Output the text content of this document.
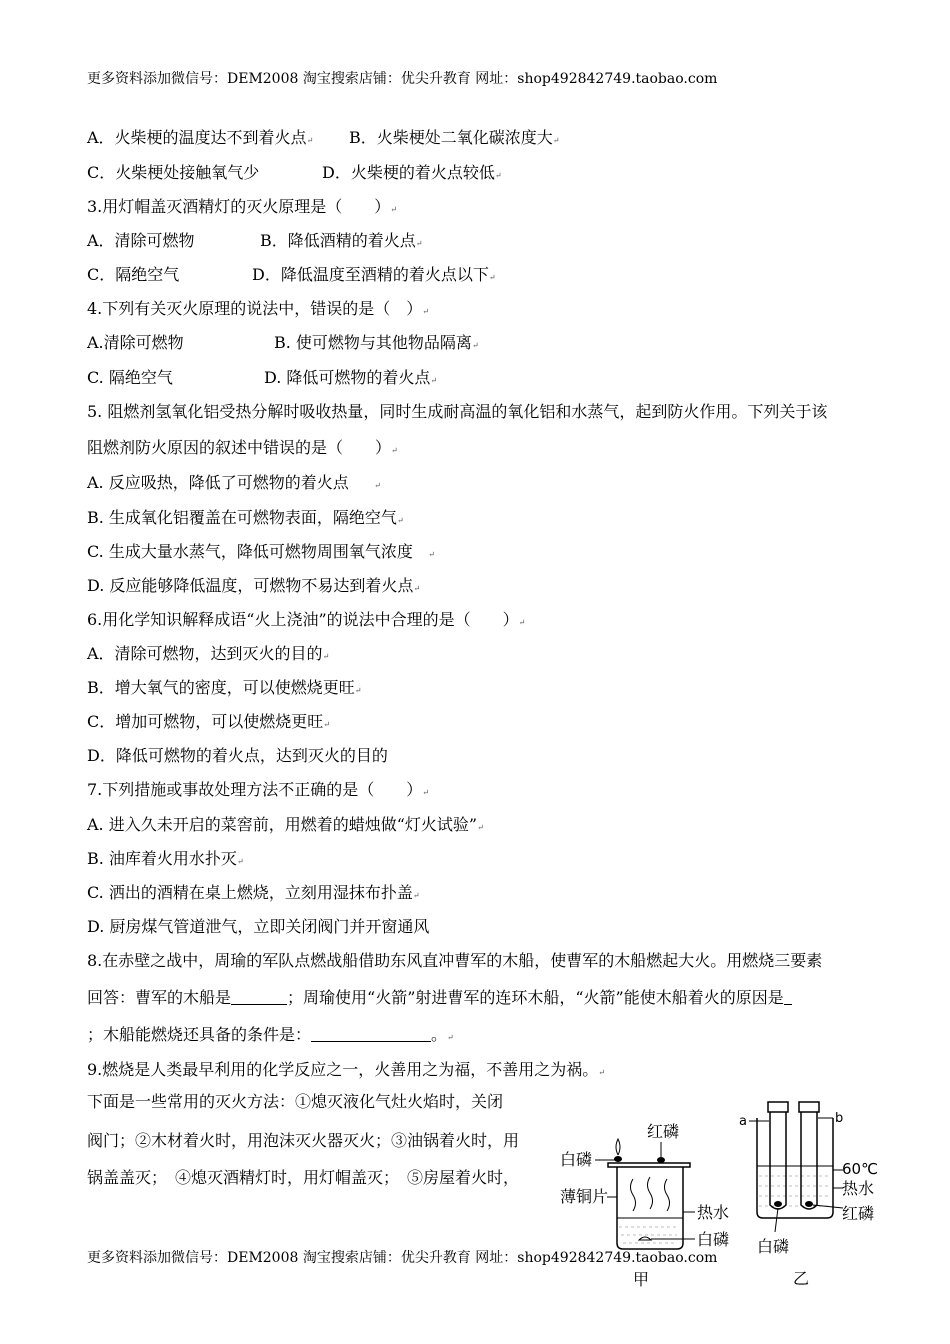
更多资料添加微信号：DEM2008 淘宝搜索店铺：优尖升教育 网址：shop492842749.taobao.com
A．火柴梗的温度达不到着火点↵ B．火柴梗处二氧化碳浓度大↵
C．火柴梗处接触氧气少	D．火柴梗的着火点较低↵
3.用灯帽盖灭酒精灯的灭火原理是（　　）↵
A．清除可燃物	B．降低酒精的着火点↵
C．隔绝空气	D．降低温度至酒精的着火点以下↵
4.下列有关灭火原理的说法中，错误的是（　）↵
A.清除可燃物	B. 使可燃物与其他物品隔离↵
C. 隔绝空气	D. 降低可燃物的着火点↵
5. 阻燃剂氢氧化铝受热分解时吸收热量，同时生成耐高温的氧化铝和水蒸气，起到防火作用。下列关于该
阻燃剂防火原因的叙述中错误的是（　　）↵
A. 反应吸热，降低了可燃物的着火点	↵
B. 生成氧化铝覆盖在可燃物表面，隔绝空气↵
C. 生成大量水蒸气，降低可燃物周围氧气浓度 ↵
D. 反应能够降低温度，可燃物不易达到着火点↵
6.用化学知识解释成语“火上浇油”的说法中合理的是（　　）↵
A．清除可燃物，达到灭火的目的↵
B．增大氧气的密度，可以使燃烧更旺↵
C．增加可燃物，可以使燃烧更旺↵
D．降低可燃物的着火点，达到灭火的目的
7.下列措施或事故处理方法不正确的是（　　）↵
A. 进入久未开启的菜窖前，用燃着的蜡烛做“灯火试验”↵
B. 油库着火用水扑灭↵
C. 洒出的酒精在桌上燃烧，立刻用湿抹布扑盖↵
D. 厨房煤气管道泄气，立即关闭阀门并开窗通风
8.在赤壁之战中，周瑜的军队点燃战船借助东风直冲曹军的木船，使曹军的木船燃起大火。用燃烧三要素
回答：曹军的木船是	；周瑜使用“火箭”射进曹军的连环木船，“火箭”能使木船着火的原因是
；木船能燃烧还具备的条件是：	。↵
9.燃烧是人类最早利用的化学反应之一，火善用之为福，不善用之为祸。↵
下面是一些常用的灭火方法：①熄灭液化气灶火焰时，关闭
阀门；②木材着火时，用泡沫灭火器灭火；③油锅着火时，用
锅盖盖灭；　④熄灭酒精灯时，用灯帽盖灭；　⑤房屋着火时，
红磷
白磷
薄铜片
热水
白磷
甲
a	b
60℃
热水
红磷
白磷
乙
更多资料添加微信号：DEM2008 淘宝搜索店铺：优尖升教育 网址：shop492842749.taobao.com
